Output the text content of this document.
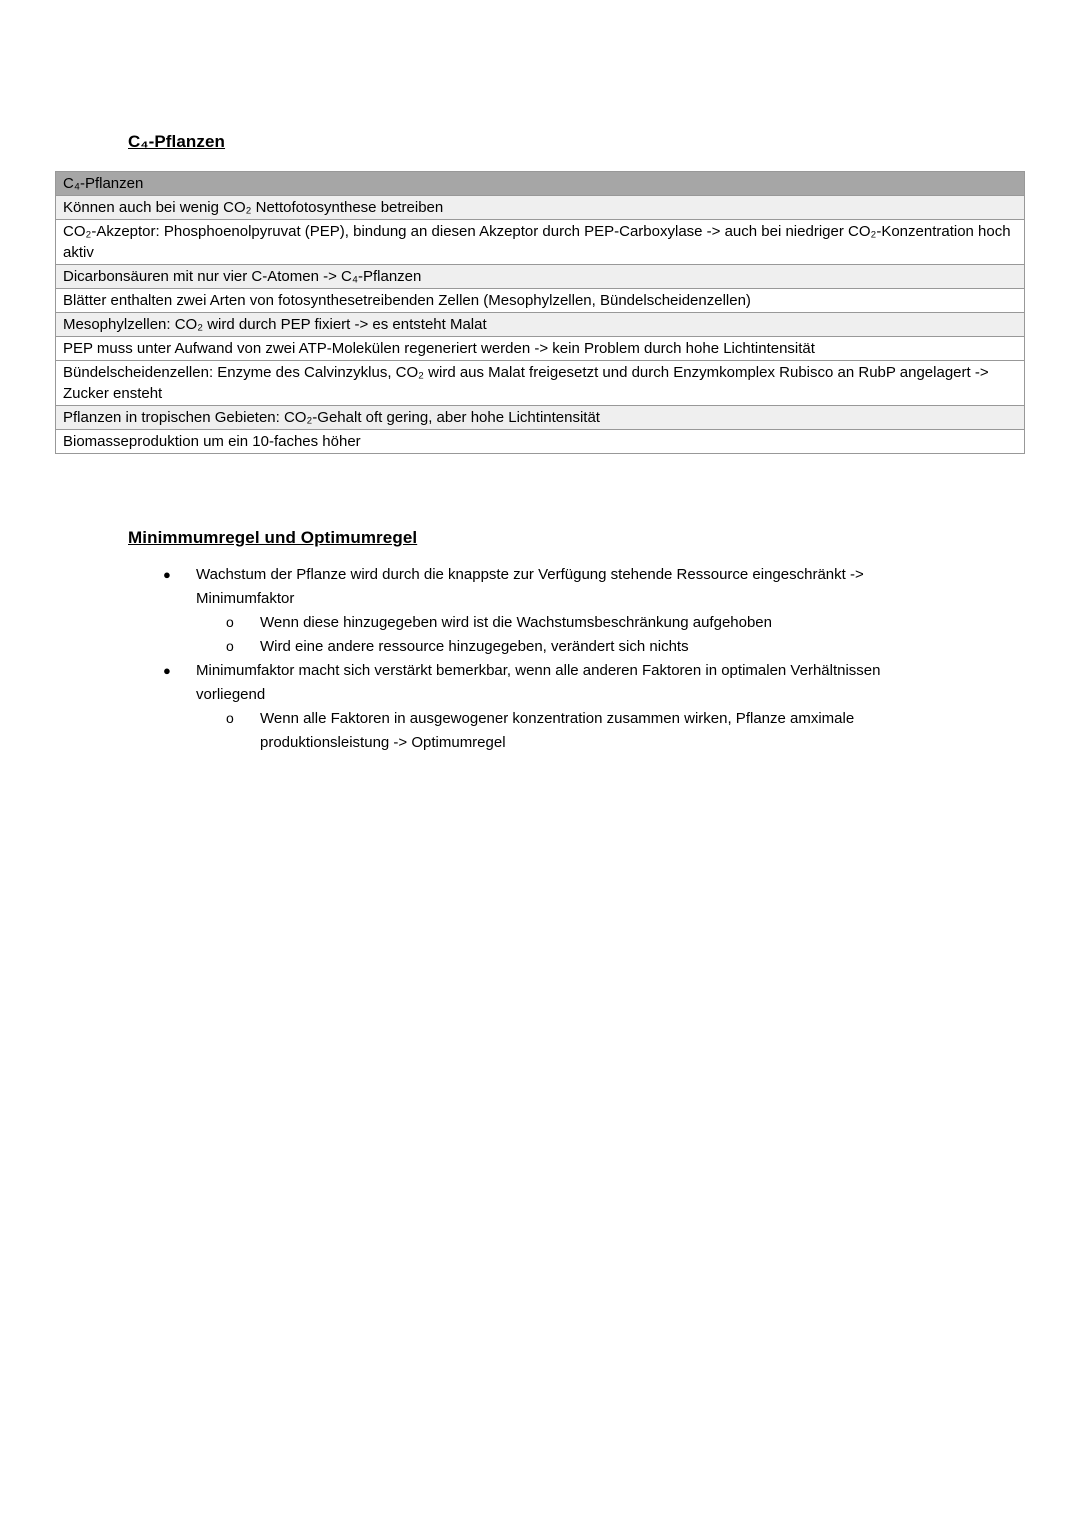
C₄-Pflanzen
C₄-Pflanzen
Können auch bei wenig CO₂ Nettofotosynthese betreiben
CO₂-Akzeptor: Phosphoenolpyruvat (PEP), bindung an diesen Akzeptor durch PEP-Carboxylase -> auch bei niedriger CO₂-Konzentration hoch aktiv
Dicarbonsäuren mit nur vier C-Atomen -> C₄-Pflanzen
Blätter enthalten zwei Arten von fotosynthesetreibenden Zellen (Mesophylzellen, Bündelscheidenzellen)
Mesophylzellen: CO₂ wird durch PEP fixiert -> es entsteht Malat
PEP muss unter Aufwand von zwei ATP-Molekülen regeneriert werden -> kein Problem durch hohe Lichtintensität
Bündelscheidenzellen: Enzyme des Calvinzyklus, CO₂ wird aus Malat freigesetzt und durch Enzymkomplex Rubisco an RubP angelagert -> Zucker ensteht
Pflanzen in tropischen Gebieten: CO₂-Gehalt oft gering, aber hohe Lichtintensität
Biomasseproduktion um ein 10-faches höher
Minimmumregel und Optimumregel
● Wachstum der Pflanze wird durch die knappste zur Verfügung stehende Ressource eingeschränkt -> Minimumfaktor
o Wenn diese hinzugegeben wird ist die Wachstumsbeschränkung aufgehoben
o Wird eine andere ressource hinzugegeben, verändert sich nichts
● Minimumfaktor macht sich verstärkt bemerkbar, wenn alle anderen Faktoren in optimalen Verhältnissen vorliegend
o Wenn alle Faktoren in ausgewogener konzentration zusammen wirken, Pflanze amximale produktionsleistung -> Optimumregel
